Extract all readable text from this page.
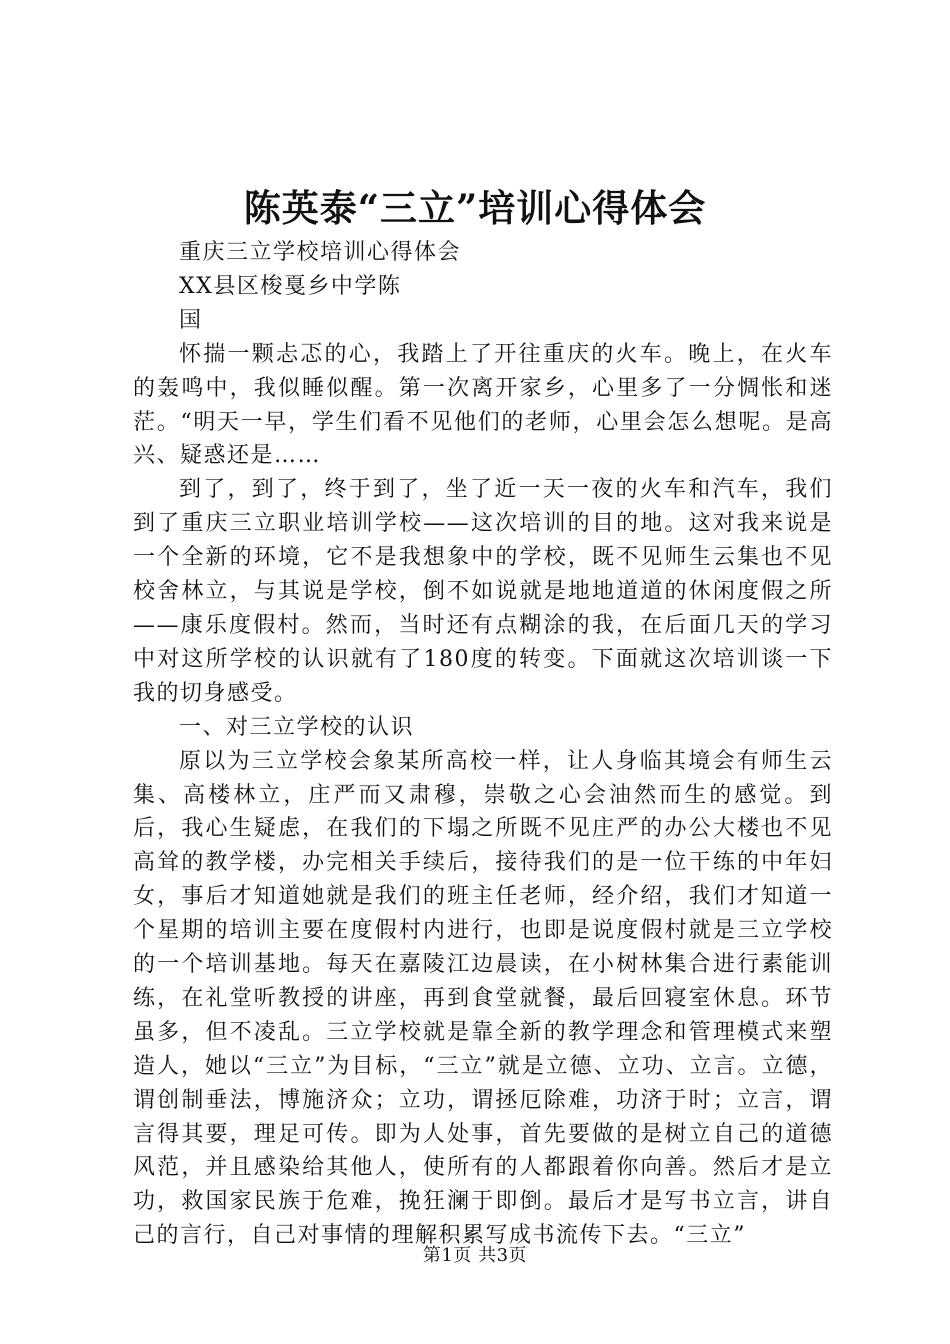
陈英泰“三立”培训心得体会

重庆三立学校培训心得体会

XX县区梭戛乡中学陈

国

怀揣一颗忐忑的心，我踏上了开往重庆的火车。晚上，在火车的轰鸣中，我似睡似醒。第一次离开家乡，心里多了一分惆怅和迷茫。“明天一早，学生们看不见他们的老师，心里会怎么想呢。是高兴、疑惑还是……

到了，到了，终于到了，坐了近一天一夜的火车和汽车，我们到了重庆三立职业培训学校——这次培训的目的地。这对我来说是一个全新的环境，它不是我想象中的学校，既不见师生云集也不见校舍林立，与其说是学校，倒不如说就是地地道道的休闲度假之所——康乐度假村。然而，当时还有点糊涂的我，在后面几天的学习中对这所学校的认识就有了180度的转变。下面就这次培训谈一下我的切身感受。

一、对三立学校的认识

原以为三立学校会象某所高校一样，让人身临其境会有师生云集、高楼林立，庄严而又肃穆，崇敬之心会油然而生的感觉。到后，我心生疑虑，在我们的下塌之所既不见庄严的办公大楼也不见高耸的教学楼，办完相关手续后，接待我们的是一位干练的中年妇女，事后才知道她就是我们的班主任老师，经介绍，我们才知道一个星期的培训主要在度假村内进行，也即是说度假村就是三立学校的一个培训基地。每天在嘉陵江边晨读，在小树林集合进行素能训练，在礼堂听教授的讲座，再到食堂就餐，最后回寝室休息。环节虽多，但不凌乱。三立学校就是靠全新的教学理念和管理模式来塑造人，她以“三立”为目标，“三立”就是立德、立功、立言。立德，谓创制垂法，博施济众；立功，谓拯厄除难，功济于时；立言，谓言得其要，理足可传。即为人处事，首先要做的是树立自己的道德风范，并且感染给其他人，使所有的人都跟着你向善。然后才是立功，救国家民族于危难，挽狂澜于即倒。最后才是写书立言，讲自己的言行，自己对事情的理解积累写成书流传下去。“三立”

第1页 共3页
